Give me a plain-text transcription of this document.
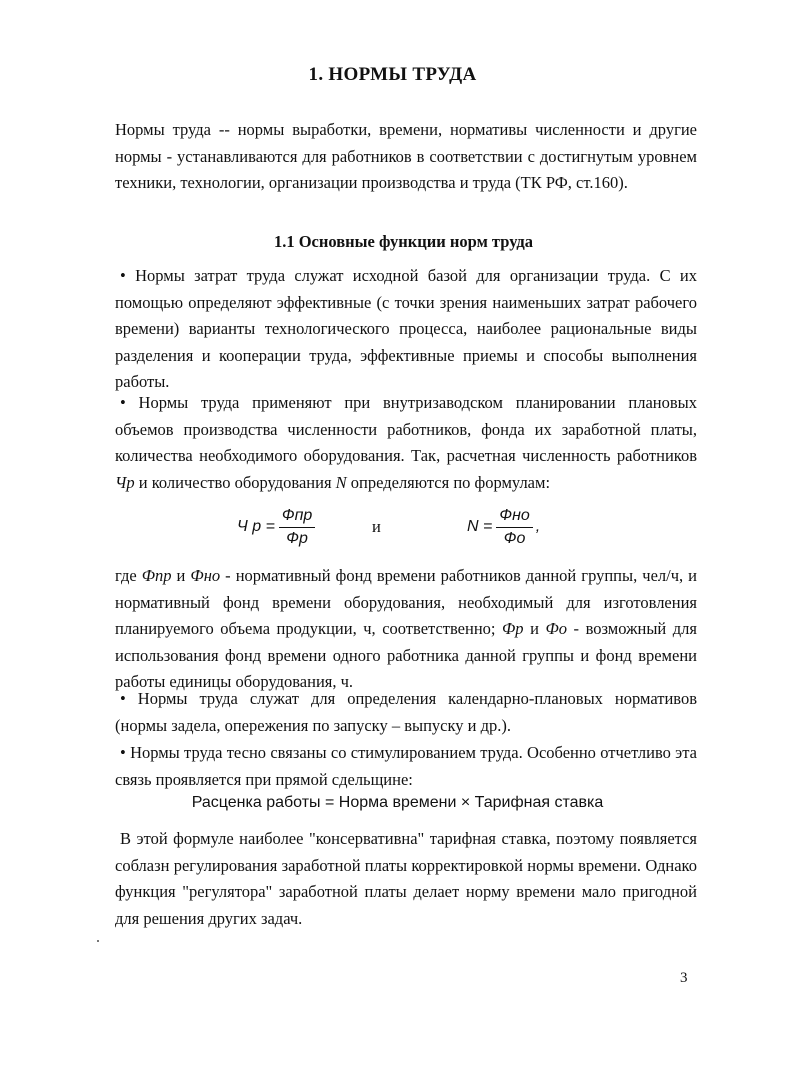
1. НОРМЫ ТРУДА
Нормы труда -- нормы выработки, времени, нормативы численности и другие нормы - устанавливаются для работников в соответствии с достигнутым уровнем техники, технологии, организации производства и труда (ТК РФ, ст.160).
1.1 Основные функции норм труда
• Нормы затрат труда служат исходной базой для организации труда. С их помощью определяют эффективные (с точки зрения наименьших затрат рабочего времени) варианты технологического процесса, наиболее рациональные виды разделения и кооперации труда, эффективные приемы и способы выполнения работы.
• Нормы труда применяют при внутризаводском планировании плановых объемов производства численности работников, фонда их заработной платы, количества необходимого оборудования. Так, расчетная численность работников Чр и количество оборудования N определяются по формулам:
Ч $р = \frac{\text{Фпр}}{Фр}$	и	$N = \frac{\text{Фно}}{Фо}$ ,
где Фпр и Фно - нормативный фонд времени работников данной группы, чел/ч, и нормативный фонд времени оборудования, необходимый для изготовления планируемого объема продукции, ч, соответственно; Фр и Фо - возможный для использования фонд времени одного работника данной группы и фонд времени работы единицы оборудования, ч.
• Нормы труда служат для определения календарно-плановых нормативов (нормы задела, опережения по запуску – выпуску и др.).
• Нормы труда тесно связаны со стимулированием труда. Особенно отчетливо эта связь проявляется при прямой сдельщине:
Расценка работы = Норма времени × Тарифная ставка
В этой формуле наиболее "консервативна" тарифная ставка, поэтому появляется соблазн регулирования заработной платы корректировкой нормы времени. Однако функция "регулятора" заработной платы делает норму времени мало пригодной для решения других задач.
3
